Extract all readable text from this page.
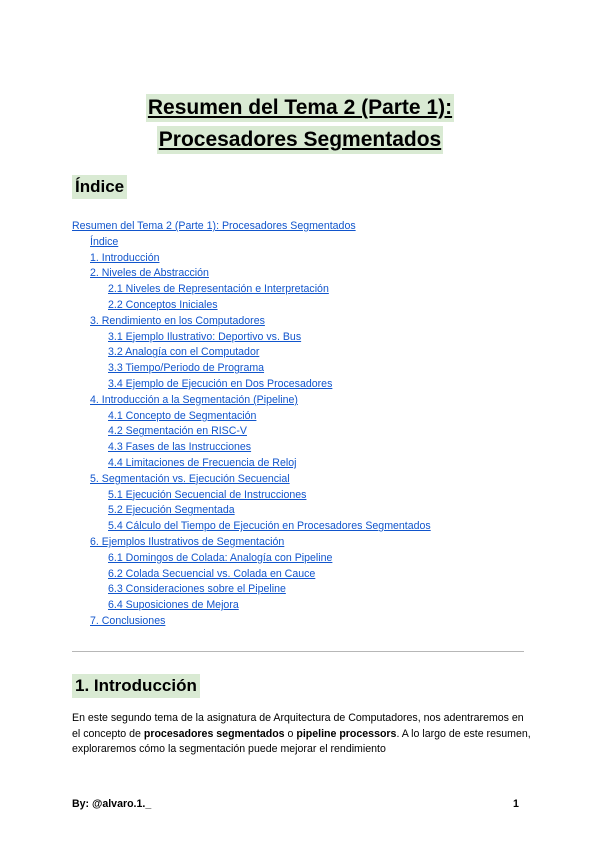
Resumen del Tema 2 (Parte 1):
Procesadores Segmentados
Índice
Resumen del Tema 2 (Parte 1): Procesadores Segmentados
Índice
1. Introducción
2. Niveles de Abstracción
2.1 Niveles de Representación e Interpretación
2.2 Conceptos Iniciales
3. Rendimiento en los Computadores
3.1 Ejemplo Ilustrativo: Deportivo vs. Bus
3.2 Analogía con el Computador
3.3 Tiempo/Periodo de Programa
3.4 Ejemplo de Ejecución en Dos Procesadores
4. Introducción a la Segmentación (Pipeline)
4.1 Concepto de Segmentación
4.2 Segmentación en RISC-V
4.3 Fases de las Instrucciones
4.4 Limitaciones de Frecuencia de Reloj
5. Segmentación vs. Ejecución Secuencial
5.1 Ejecución Secuencial de Instrucciones
5.2 Ejecución Segmentada
5.4 Cálculo del Tiempo de Ejecución en Procesadores Segmentados
6. Ejemplos Ilustrativos de Segmentación
6.1 Domingos de Colada: Analogía con Pipeline
6.2 Colada Secuencial vs. Colada en Cauce
6.3 Consideraciones sobre el Pipeline
6.4 Suposiciones de Mejora
7. Conclusiones
1. Introducción
En este segundo tema de la asignatura de Arquitectura de Computadores, nos adentraremos en el concepto de procesadores segmentados o pipeline processors. A lo largo de este resumen, exploraremos cómo la segmentación puede mejorar el rendimiento
By: @alvaro.1._	1
